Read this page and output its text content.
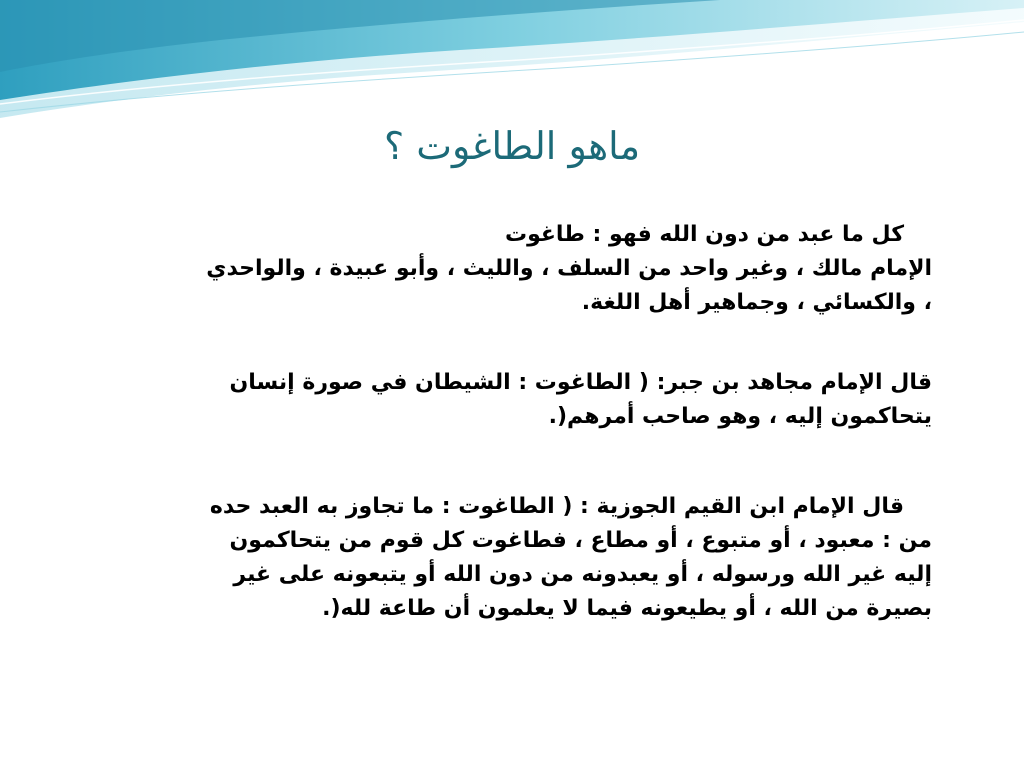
ماهو الطاغوت ؟
كل ما عبد من دون الله فهو : طاغوت
الإمام مالك ، وغير واحد من السلف ، والليث ، وأبو عبيدة ، والواحدي
، والكسائي ، وجماهير أهل اللغة.
قال الإمام مجاهد بن جبر: ( الطاغوت : الشيطان في صورة إنسان
يتحاكمون إليه ، وهو صاحب أمرهم(.
قال الإمام ابن القيم الجوزية : ( الطاغوت : ما تجاوز به العبد حده
من : معبود ، أو متبوع ، أو مطاع ، فطاغوت كل قوم من يتحاكمون
إليه غير الله ورسوله ، أو يعبدونه من دون الله أو يتبعونه على غير
بصيرة من الله ، أو يطيعونه فيما لا يعلمون أن طاعة لله(.
